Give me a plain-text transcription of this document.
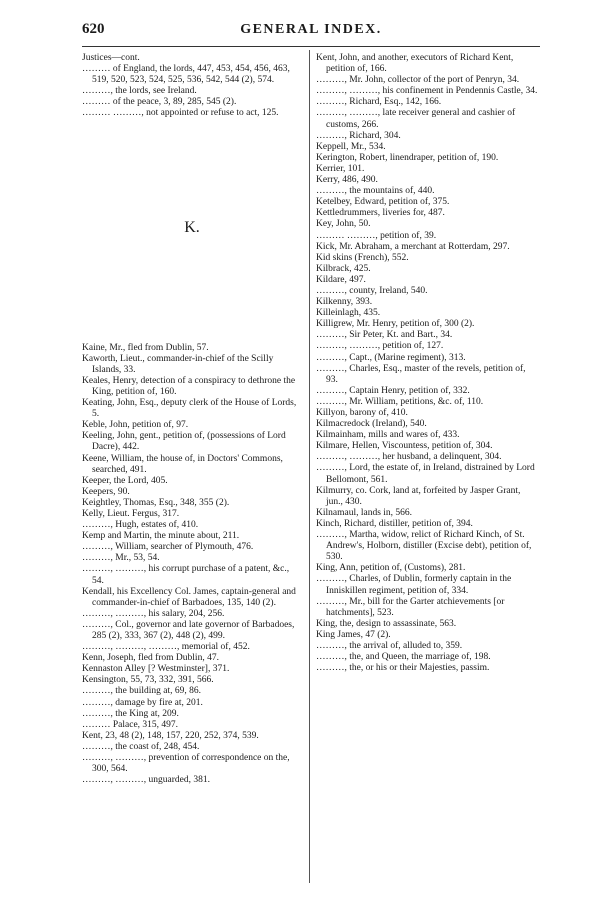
620	GENERAL INDEX.

Justices—cont.

……… of England, the lords, 447, 453, 454, 456, 463, 519, 520, 523, 524, 525, 536, 542, 544 (2), 574.

………, the lords, see Ireland.

……… of the peace, 3, 89, 285, 545 (2).

……… ………, not appointed or refuse to act, 125.

K.

Kaine, Mr., fled from Dublin, 57.

Kaworth, Lieut., commander-in-chief of the Scilly Islands, 33.

Keales, Henry, detection of a conspiracy to dethrone the King, petition of, 160.

Keating, John, Esq., deputy clerk of the House of Lords, 5.

Keble, John, petition of, 97.

Keeling, John, gent., petition of, (possessions of Lord Dacre), 442.

Keene, William, the house of, in Doctors' Commons, searched, 491.

Keeper, the Lord, 405.

Keepers, 90.

Keightley, Thomas, Esq., 348, 355 (2).

Kelly, Lieut. Fergus, 317.

………, Hugh, estates of, 410.

Kemp and Martin, the minute about, 211.

………, William, searcher of Plymouth, 476.

………, Mr., 53, 54.

………, ………, his corrupt purchase of a patent, &c., 54.

Kendall, his Excellency Col. James, captain-general and commander-in-chief of Barbadoes, 135, 140 (2).

………, ………, his salary, 204, 256.

………, Col., governor and late governor of Barbadoes, 285 (2), 333, 367 (2), 448 (2), 499.

………, ………, ………, memorial of, 452.

Kenn, Joseph, fled from Dublin, 47.

Kennaston Alley [? Westminster], 371.

Kensington, 55, 73, 332, 391, 566.

………, the building at, 69, 86.

………, damage by fire at, 201.

………, the King at, 209.

……… Palace, 315, 497.

Kent, 23, 48 (2), 148, 157, 220, 252, 374, 539.

………, the coast of, 248, 454.

………, ………, prevention of correspondence on the, 300, 564.

………, ………, unguarded, 381.

Kent, John, and another, executors of Richard Kent, petition of, 166.

………, Mr. John, collector of the port of Penryn, 34.

………, ………, his confinement in Pendennis Castle, 34.

………, Richard, Esq., 142, 166.

………, ………, late receiver general and cashier of customs, 266.

………, Richard, 304.

Keppell, Mr., 534.

Kerington, Robert, linendraper, petition of, 190.

Kerrier, 101.

Kerry, 486, 490.

………, the mountains of, 440.

Ketelbey, Edward, petition of, 375.

Kettledrummers, liveries for, 487.

Key, John, 50.

……… ………, petition of, 39.

Kick, Mr. Abraham, a merchant at Rotterdam, 297.

Kid skins (French), 552.

Kilbrack, 425.

Kildare, 497.

………, county, Ireland, 540.

Kilkenny, 393.

Killeinlagh, 435.

Killigrew, Mr. Henry, petition of, 300 (2).

………, Sir Peter, Kt. and Bart., 34.

………, ………, petition of, 127.

………, Capt., (Marine regiment), 313.

………, Charles, Esq., master of the revels, petition of, 93.

………, Captain Henry, petition of, 332.

………, Mr. William, petitions, &c. of, 110.

Killyon, barony of, 410.

Kilmacredock (Ireland), 540.

Kilmainham, mills and wares of, 433.

Kilmare, Hellen, Viscountess, petition of, 304.

………, ………, her husband, a delinquent, 304.

………, Lord, the estate of, in Ireland, distrained by Lord Bellomont, 561.

Kilmurry, co. Cork, land at, forfeited by Jasper Grant, jun., 430.

Kilnamaul, lands in, 566.

Kinch, Richard, distiller, petition of, 394.

………, Martha, widow, relict of Richard Kinch, of St. Andrew's, Holborn, distiller (Excise debt), petition of, 530.

King, Ann, petition of, (Customs), 281.

………, Charles, of Dublin, formerly captain in the Inniskillen regiment, petition of, 334.

………, Mr., bill for the Garter atchievements [or hatchments], 523.

King, the, design to assassinate, 563.

King James, 47 (2).

………, the arrival of, alluded to, 359.

………, the, and Queen, the marriage of, 198.

………, the, or his or their Majesties, passim.
